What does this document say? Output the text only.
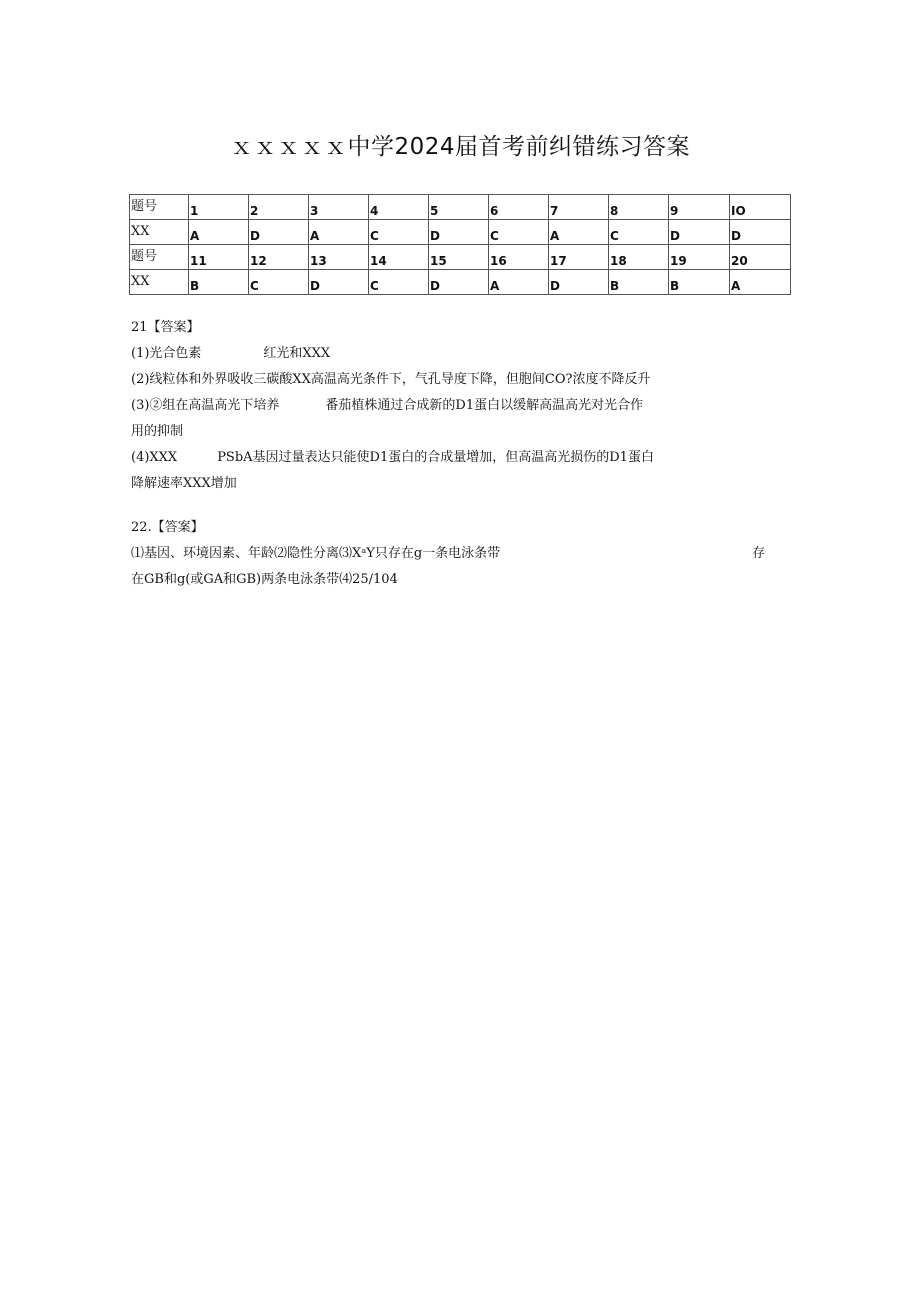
ｘｘｘｘｘ中学2024届首考前纠错练习答案
题号	1	2	3	4	5	6	7	8	9	IO
XX	A	D	A	C	D	C	A	C	D	D
题号	11	12	13	14	15	16	17	18	19	20
XX	B	C	D	C	D	A	D	B	B	A
21【答案】
(1)光合色素	红光和XXX
(2)线粒体和外界吸收三碳酸XX高温高光条件下，气孔导度下降，但胞间CO?浓度不降反升
(3)②组在高温高光下培养	番茄植株通过合成新的D1蛋白以缓解高温高光对光合作
用的抑制
(4)XXX	PSbA基因过量表达只能使D1蛋白的合成量增加，但高温高光损伤的D1蛋白
降解速率XXX增加
22.【答案】
⑴基因、环境因素、年龄⑵隐性分离⑶XᵃY只存在g一条电泳条带	存
在GB和g(或GA和GB)两条电泳条带⑷25/104
